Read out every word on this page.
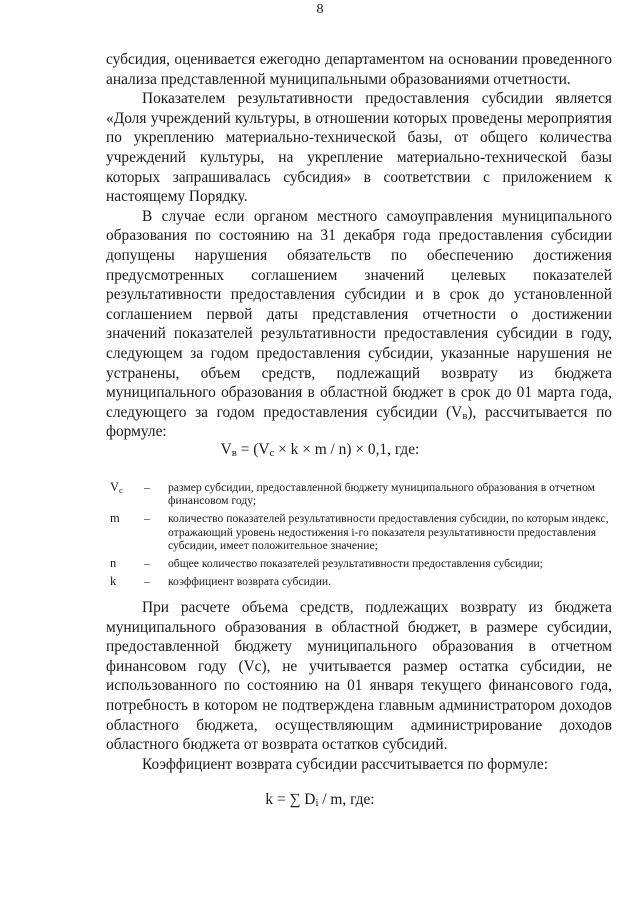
8

субсидия, оценивается ежегодно департаментом на основании проведенного анализа представленной муниципальными образованиями отчетности.

Показателем результативности предоставления субсидии является «Доля учреждений культуры, в отношении которых проведены мероприятия по укреплению материально-технической базы, от общего количества учреждений культуры, на укрепление материально-технической базы которых запрашивалась субсидия» в соответствии с приложением к настоящему Порядку.

В случае если органом местного самоуправления муниципального образования по состоянию на 31 декабря года предоставления субсидии допущены нарушения обязательств по обеспечению достижения предусмотренных соглашением значений целевых показателей результативности предоставления субсидии и в срок до установленной соглашением первой даты представления отчетности о достижении значений показателей результативности предоставления субсидии в году, следующем за годом предоставления субсидии, указанные нарушения не устранены, объем средств, подлежащий возврату из бюджета муниципального образования в областной бюджет в срок до 01 марта года, следующего за годом предоставления субсидии $(V_в)$, рассчитывается по формуле:

$V_в = (V_с \times k \times m / n) \times 0,1$, где:
$V_с$	–	размер субсидии, предоставленной бюджету муниципального образования в отчетном финансовом году;
m	–	количество показателей результативности предоставления субсидии, по которым индекс, отражающий уровень недостижения i-го показателя результативности предоставления субсидии, имеет положительное значение;
n	–	общее количество показателей результативности предоставления субсидии;
k	–	коэффициент возврата субсидии.

При расчете объема средств, подлежащих возврату из бюджета муниципального образования в областной бюджет, в размере субсидии, предоставленной бюджету муниципального образования в отчетном финансовом году (Vс), не учитывается размер остатка субсидии, не использованного по состоянию на 01 января текущего финансового года, потребность в котором не подтверждена главным администратором доходов областного бюджета, осуществляющим администрирование доходов областного бюджета от возврата остатков субсидий.

Коэффициент возврата субсидии рассчитывается по формуле:

k = ∑ $D_i$ / m, где:
